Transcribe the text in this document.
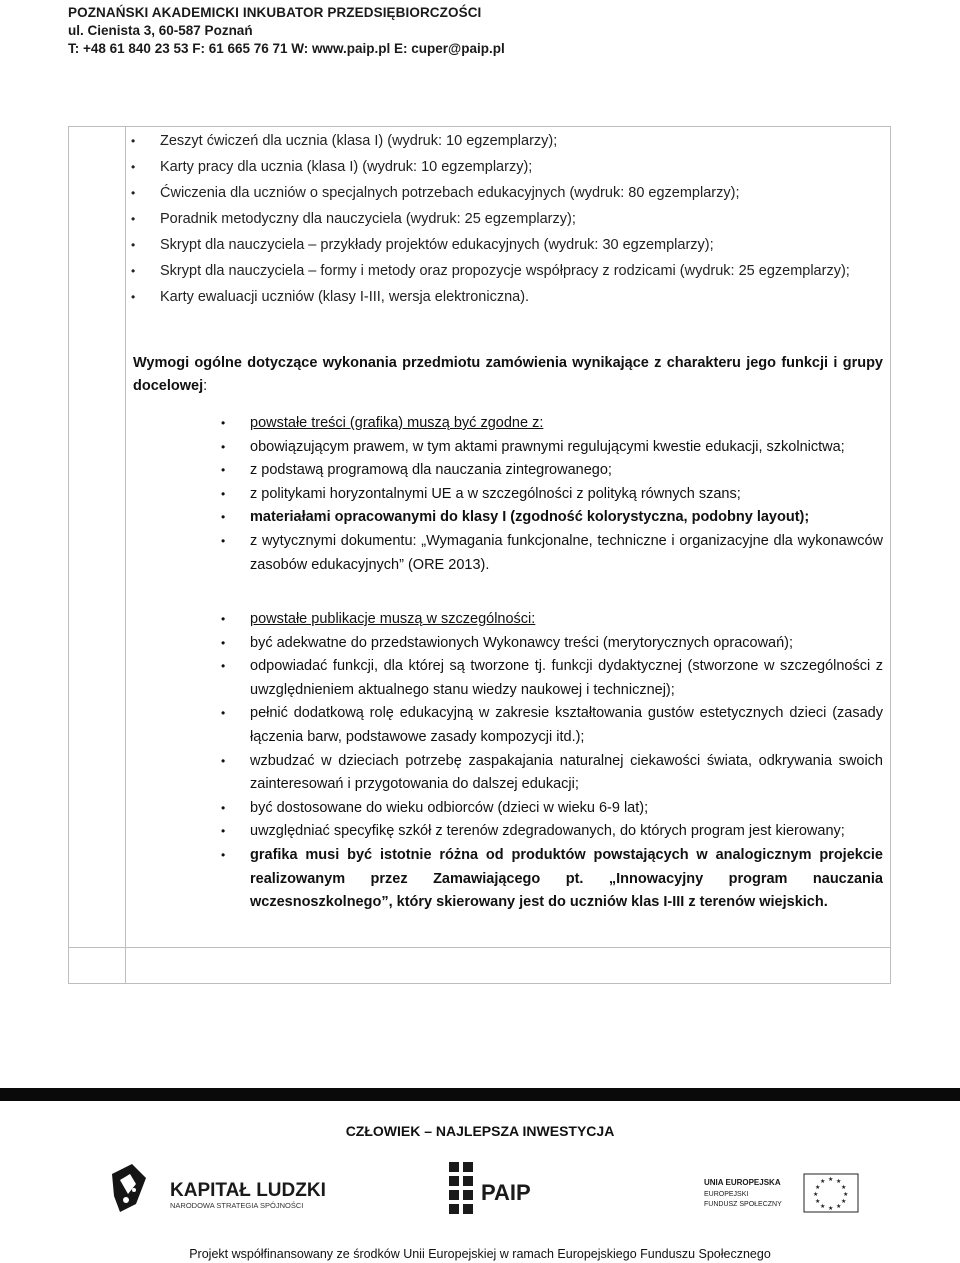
POZNAŃSKI AKADEMICKI INKUBATOR PRZEDSIĘBIORCZOŚCI
ul. Cienista 3, 60-587 Poznań
T: +48 61 840 23 53 F: 61 665 76 71 W: www.paip.pl E: cuper@paip.pl
• Zeszyt ćwiczeń dla ucznia (klasa I) (wydruk: 10 egzemplarzy);
• Karty pracy dla ucznia (klasa I) (wydruk: 10 egzemplarzy);
• Ćwiczenia dla uczniów o specjalnych potrzebach edukacyjnych (wydruk: 80 egzemplarzy);
• Poradnik metodyczny dla nauczyciela (wydruk: 25 egzemplarzy);
• Skrypt dla nauczyciela – przykłady projektów edukacyjnych (wydruk: 30 egzemplarzy);
• Skrypt dla nauczyciela – formy i metody oraz propozycje współpracy z rodzicami (wydruk: 25 egzemplarzy);
• Karty ewaluacji uczniów (klasy I-III, wersja elektroniczna).
Wymogi ogólne dotyczące wykonania przedmiotu zamówienia wynikające z charakteru jego funkcji i grupy docelowej:
• powstałe treści (grafika) muszą być zgodne z:
• obowiązującym prawem, w tym aktami prawnymi regulującymi kwestie edukacji, szkolnictwa;
• z podstawą programową dla nauczania zintegrowanego;
• z politykami horyzontalnymi UE a w szczególności z polityką równych szans;
• materiałami opracowanymi do klasy I (zgodność kolorystyczna, podobny layout);
• z wytycznymi dokumentu: „Wymagania funkcjonalne, techniczne i organizacyjne dla wykonawców zasobów edukacyjnych” (ORE 2013).
• powstałe publikacje muszą w szczególności:
• być adekwatne do przedstawionych Wykonawcy treści (merytorycznych opracowań);
• odpowiadać funkcji, dla której są tworzone tj. funkcji dydaktycznej (stworzone w szczególności z uwzględnieniem aktualnego stanu wiedzy naukowej i technicznej);
• pełnić dodatkową rolę edukacyjną w zakresie kształtowania gustów estetycznych dzieci (zasady łączenia barw, podstawowe zasady kompozycji itd.);
• wzbudzać w dzieciach potrzebę zaspakajania naturalnej ciekawości świata, odkrywania swoich zainteresowań i przygotowania do dalszej edukacji;
• być dostosowane do wieku odbiorców (dzieci w wieku 6-9 lat);
• uwzględniać specyfikę szkół z terenów zdegradowanych, do których program jest kierowany;
• grafika musi być istotnie różna od produktów powstających w analogicznym projekcie realizowanym przez Zamawiającego pt. „Innowacyjny program nauczania wczesnoszkolnego”, który skierowany jest do uczniów klas I-III z terenów wiejskich.
CZŁOWIEK – NAJLEPSZA INWESTYCJA
KAPITAŁ LUDZKI
NARODOWA STRATEGIA SPÓJNOŚCI
PAIP	UNIA EUROPEJSKA
EUROPEJSKI
FUNDUSZ SPOŁECZNY
★ ★
★
★
★
★
★
★
★
★
★
★
Projekt współfinansowany ze środków Unii Europejskiej w ramach Europejskiego Funduszu Społecznego
